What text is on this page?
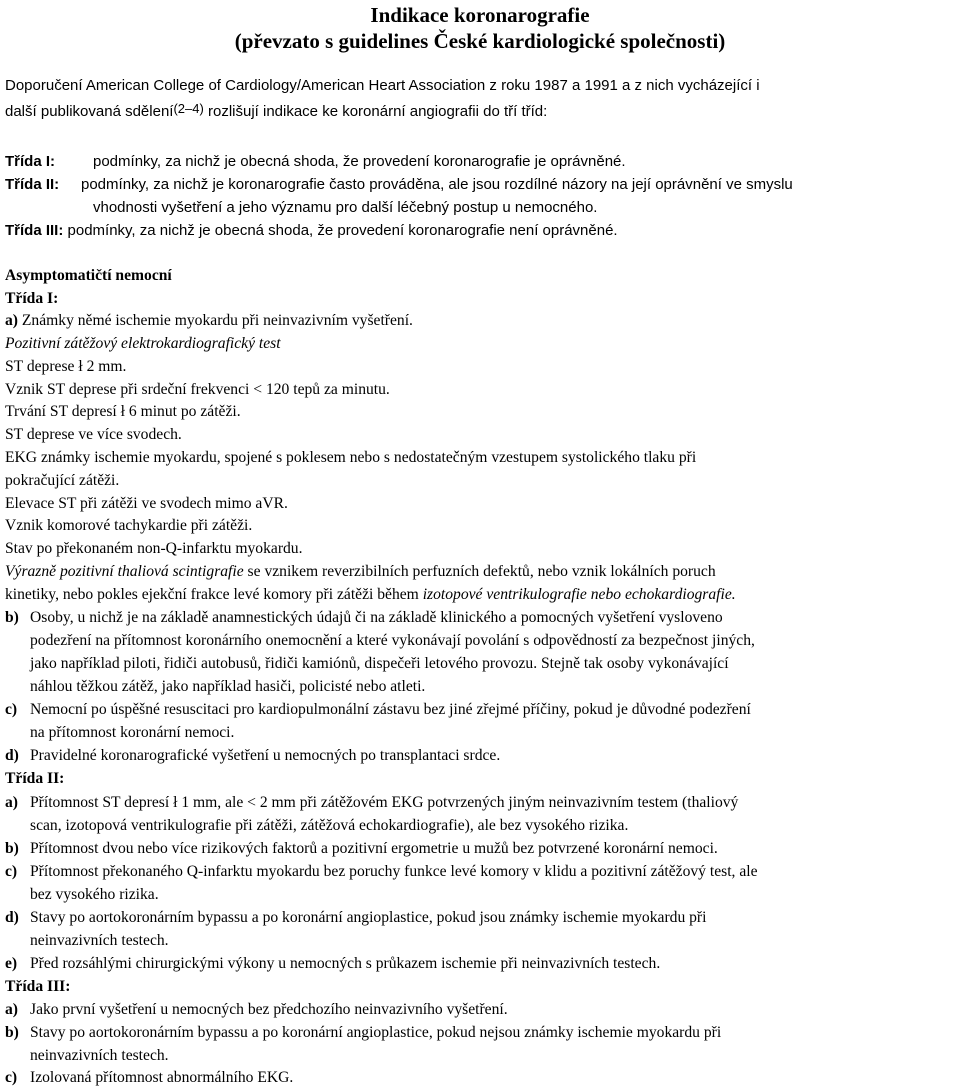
Indikace koronarografie
(převzato s guidelines České kardiologické společnosti)
Doporučení American College of Cardiology/American Heart Association z roku 1987 a 1991 a z nich vycházející i
další publikovaná sdělení(2–4) rozlišují indikace ke koronární angiografii do tří tříd:
Třída I:	podmínky, za nichž je obecná shoda, že provedení koronarografie je oprávněné.
Třída II: podmínky, za nichž je koronarografie často prováděna, ale jsou rozdílné názory na její oprávnění ve smyslu
vhodnosti vyšetření a jeho významu pro další léčebný postup u nemocného.
Třída III: podmínky, za nichž je obecná shoda, že provedení koronarografie není oprávněné.
Asymptomatičtí nemocní
Třída I:
a) Známky němé ischemie myokardu při neinvazivním vyšetření.
Pozitivní zátěžový elektrokardiografický test
ST deprese ł 2 mm.
Vznik ST deprese při srdeční frekvenci < 120 tepů za minutu.
Trvání ST depresí ł 6 minut po zátěži.
ST deprese ve více svodech.
EKG známky ischemie myokardu, spojené s poklesem nebo s nedostatečným vzestupem systolického tlaku při
pokračující zátěži.
Elevace ST při zátěži ve svodech mimo aVR.
Vznik komorové tachykardie při zátěži.
Stav po překonaném non-Q-infarktu myokardu.
Výrazně pozitivní thaliová scintigrafie se vznikem reverzibilních perfuzních defektů, nebo vznik lokálních poruch
kinetiky, nebo pokles ejekční frakce levé komory při zátěži během izotopové ventrikulografie nebo echokardiografie.
b) Osoby, u nichž je na základě anamnestických údajů či na základě klinického a pomocných vyšetření vysloveno
podezření na přítomnost koronárního onemocnění a které vykonávají povolání s odpovědností za bezpečnost jiných,
jako například piloti, řidiči autobusů, řidiči kamiónů, dispečeři letového provozu. Stejně tak osoby vykonávající
náhlou těžkou zátěž, jako například hasiči, policisté nebo atleti.
c) Nemocní po úspěšné resuscitaci pro kardiopulmonální zástavu bez jiné zřejmé příčiny, pokud je důvodné podezření
na přítomnost koronární nemoci.
d) Pravidelné koronarografické vyšetření u nemocných po transplantaci srdce.
Třída II:
a) Přítomnost ST depresí ł 1 mm, ale < 2 mm při zátěžovém EKG potvrzených jiným neinvazivním testem (thaliový
scan, izotopová ventrikulografie při zátěži, zátěžová echokardiografie), ale bez vysokého rizika.
b) Přítomnost dvou nebo více rizikových faktorů a pozitivní ergometrie u mužů bez potvrzené koronární nemoci.
c) Přítomnost překonaného Q-infarktu myokardu bez poruchy funkce levé komory v klidu a pozitivní zátěžový test, ale
bez vysokého rizika.
d) Stavy po aortokoronárním bypassu a po koronární angioplastice, pokud jsou známky ischemie myokardu při
neinvazivních testech.
e) Před rozsáhlými chirurgickými výkony u nemocných s průkazem ischemie při neinvazivních testech.
Třída III:
a) Jako první vyšetření u nemocných bez předchozího neinvazivního vyšetření.
b) Stavy po aortokoronárním bypassu a po koronární angioplastice, pokud nejsou známky ischemie myokardu při
neinvazivních testech.
c) Izolovaná přítomnost abnormálního EKG.
